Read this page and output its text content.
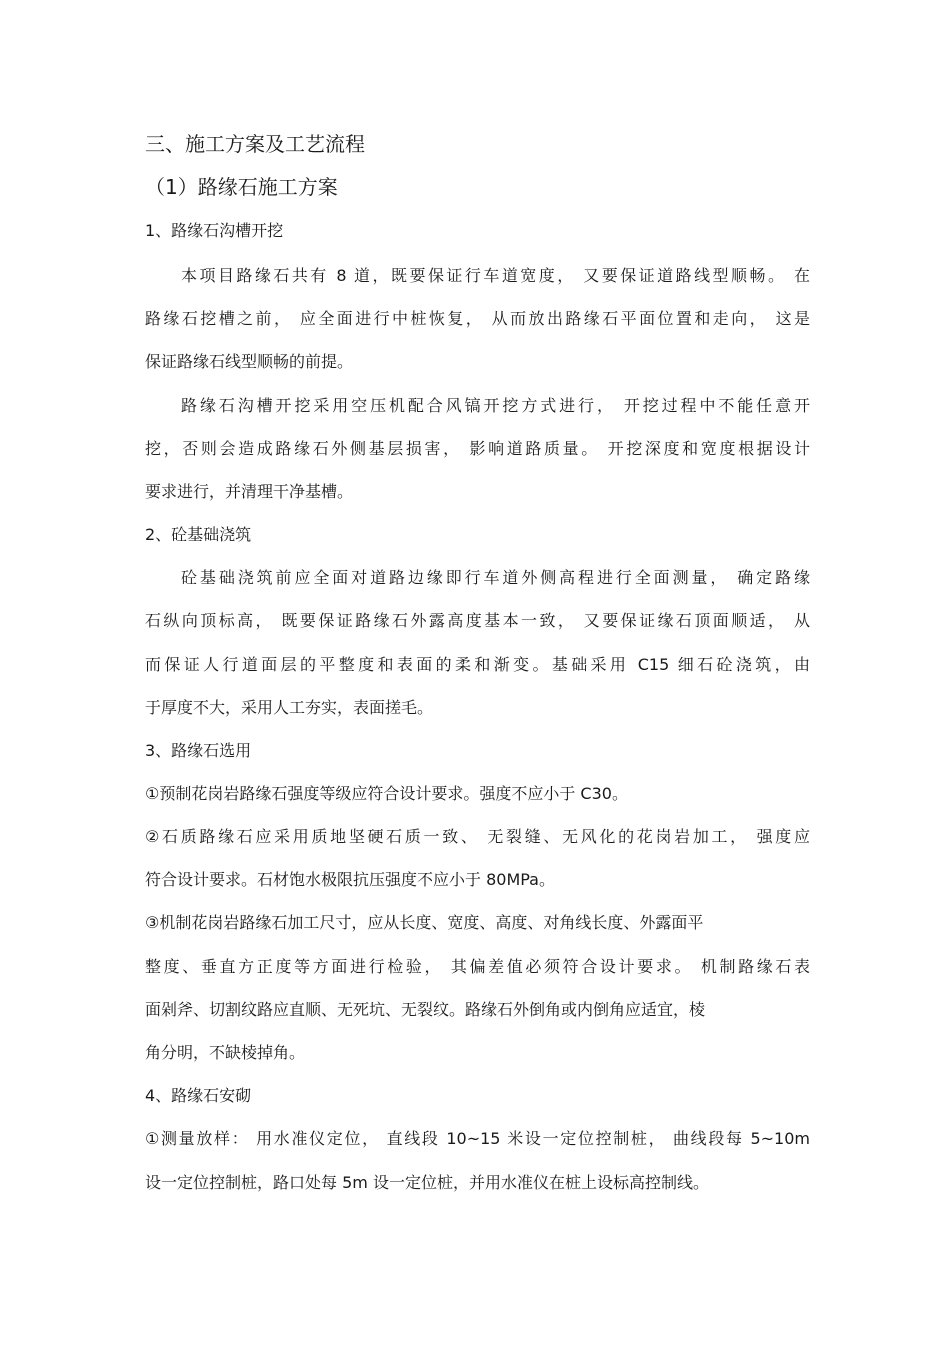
三、施工方案及工艺流程
（1）路缘石施工方案
1、路缘石沟槽开挖
本项目路缘石共有 8 道，既要保证行车道宽度， 又要保证道路线型顺畅。 在
路缘石挖槽之前， 应全面进行中桩恢复， 从而放出路缘石平面位置和走向， 这是
保证路缘石线型顺畅的前提。
路缘石沟槽开挖采用空压机配合风镐开挖方式进行， 开挖过程中不能任意开
挖，否则会造成路缘石外侧基层损害， 影响道路质量。 开挖深度和宽度根据设计
要求进行，并清理干净基槽。
2、砼基础浇筑
砼基础浇筑前应全面对道路边缘即行车道外侧高程进行全面测量， 确定路缘
石纵向顶标高， 既要保证路缘石外露高度基本一致， 又要保证缘石顶面顺适， 从
而保证人行道面层的平整度和表面的柔和渐变。基础采用 C15 细石砼浇筑，由
于厚度不大，采用人工夯实，表面搓毛。
3、路缘石选用
①预制花岗岩路缘石强度等级应符合设计要求。强度不应小于 C30。
②石质路缘石应采用质地坚硬石质一致、 无裂缝、无风化的花岗岩加工， 强度应
符合设计要求。石材饱水极限抗压强度不应小于 80MPa。
③机制花岗岩路缘石加工尺寸，应从长度、宽度、高度、对角线长度、外露面平
整度、垂直方正度等方面进行检验， 其偏差值必须符合设计要求。 机制路缘石表
面剁斧、切割纹路应直顺、无死坑、无裂纹。路缘石外倒角或内倒角应适宜，棱
角分明，不缺棱掉角。
4、路缘石安砌
①测量放样： 用水准仪定位， 直线段 10~15 米设一定位控制桩， 曲线段每 5~10m
设一定位控制桩，路口处每 5m 设一定位桩，并用水准仪在桩上设标高控制线。
